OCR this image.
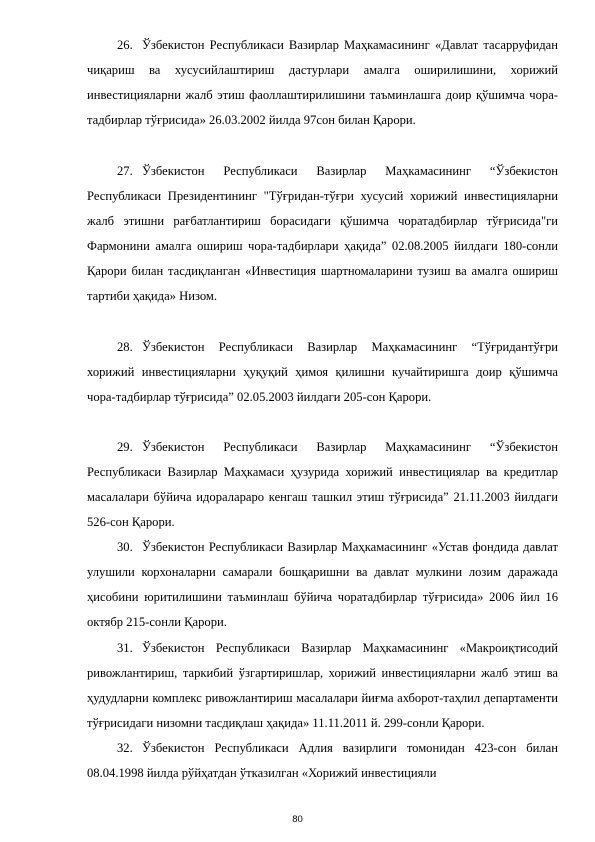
26. Ўзбекистон Республикаси Вазирлар Маҳкамасининг «Давлат тасарруфидан чиқариш ва хусусийлаштириш дастурлари амалга оширилишини, хорижий инвестицияларни жалб этиш фаоллаштирилишини таъминлашга доир қўшимча чора-тадбирлар тўғрисида» 26.03.2002 йилда 97сон билан Қарори.

27. Ўзбекистон Республикаси Вазирлар Маҳкамасининг “Ўзбекистон Республикаси Президентининг "Тўғридан-тўғри хусусий хорижий инвестицияларни жалб этишни рағбатлантириш борасидаги қўшимча чоратадбирлар тўғрисида"ги Фармонини амалга ошириш чора-тадбирлари ҳақида” 02.08.2005 йилдаги 180-сонли Қарори билан тасдиқланган «Инвестиция шартномаларини тузиш ва амалга ошириш тартиби ҳақида» Низом.

28. Ўзбекистон Республикаси Вазирлар Маҳкамасининг “Тўғридантўғри хорижий инвестицияларни ҳуқуқий ҳимоя қилишни кучайтиришга доир қўшимча чора-тадбирлар тўғрисида” 02.05.2003 йилдаги 205-сон Қарори.

29. Ўзбекистон Республикаси Вазирлар Маҳкамасининг “Ўзбекистон Республикаси Вазирлар Маҳкамаси ҳузурида хорижий инвестициялар ва кредитлар масалалари бўйича идоралараро кенгаш ташкил этиш тўғрисида” 21.11.2003 йилдаги 526-сон Қарори.

30. Ўзбекистон Республикаси Вазирлар Маҳкамасининг «Устав фондида давлат улушили корхоналарни самарали бошқаришни ва давлат мулкини лозим даражада ҳисобини юритилишини таъминлаш бўйича чоратадбирлар тўғрисида» 2006 йил 16 октябр 215-сонли Қарори.

31. Ўзбекистон Республикаси Вазирлар Маҳкамасининг «Макроиқтисодий ривожлантириш, таркибий ўзгартиришлар, хорижий инвестицияларни жалб этиш ва ҳудудларни комплекс ривожлантириш масалалари йиғма ахборот-таҳлил департаменти тўғрисидаги низомни тасдиқлаш ҳақида» 11.11.2011 й. 299-сонли Қарори.

32. Ўзбекистон Республикаси Адлия вазирлиги томонидан 423-сон билан 08.04.1998 йилда рўйҳатдан ўтказилган «Хорижий инвестицияли

80
